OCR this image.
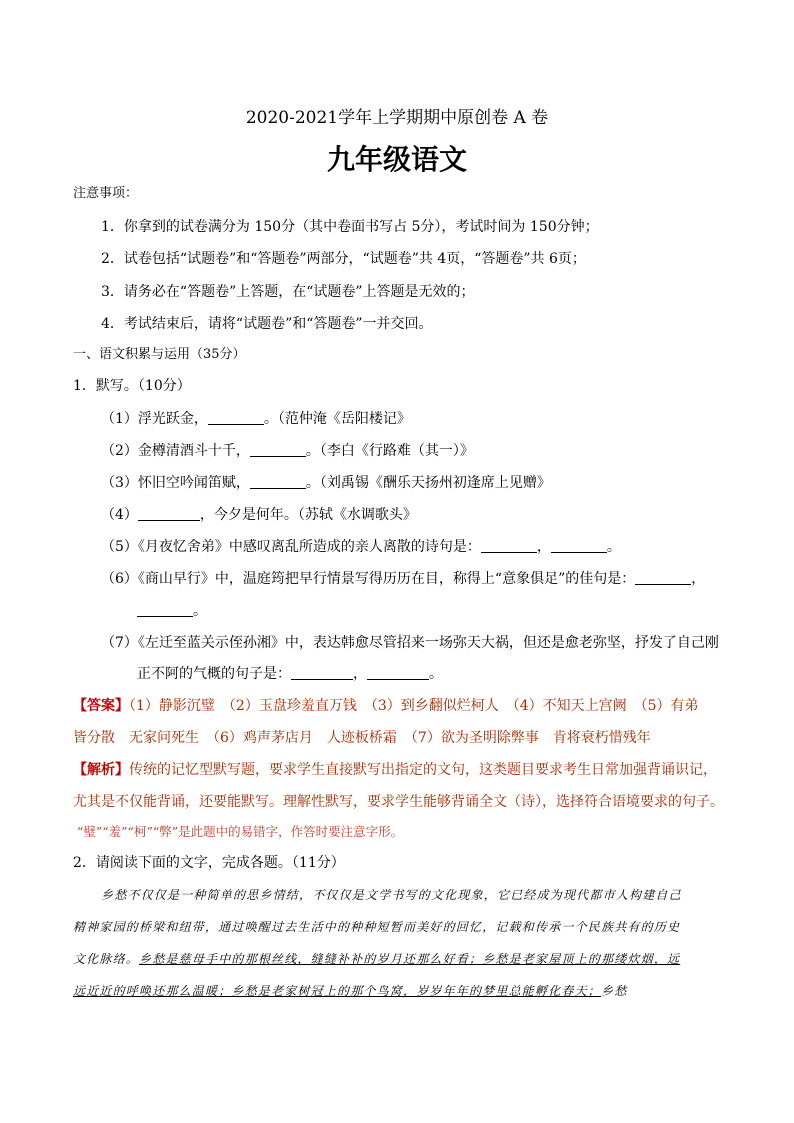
2020-2021学年上学期期中原创卷 A 卷
九年级语文
注意事项：
1．你拿到的试卷满分为 150分（其中卷面书写占 5分），考试时间为 150分钟；
2．试卷包括“试题卷”和“答题卷”两部分，“试题卷”共 4页，“答题卷”共 6页；
3．请务必在“答题卷”上答题，在“试题卷”上答题是无效的；
4．考试结束后，请将“试题卷”和“答题卷”一并交回。
一、语文积累与运用（35分）
1．默写。（10分）
（1）浮光跃金，	。（范仲淹《岳阳楼记》
（2）金樽清酒斗十千，	。（李白《行路难（其一）》
（3）怀旧空吟闻笛赋，	。（刘禹锡《酬乐天扬州初逢席上见赠》
（4）	，今夕是何年。（苏轼《水调歌头》
（5）《月夜忆舍弟》中感叹离乱所造成的亲人离散的诗句是：	，	。
（6）《商山早行》中，温庭筠把早行情景写得历历在目，称得上“意象俱足”的佳句是：	，
。
（7）《左迁至蓝关示侄孙湘》中，表达韩愈尽管招来一场弥天大祸，但还是愈老弥坚，抒发了自己刚
正不阿的气概的句子是：	，	。
【答案】（1）静影沉璧　（2）玉盘珍羞直万钱　（3）到乡翻似烂柯人　（4）不知天上宫阙　（5）有弟
皆分散　无家问死生　（6）鸡声茅店月　人迹板桥霜　（7）欲为圣明除弊事　肯将衰朽惜残年
【解析】传统的记忆型默写题，要求学生直接默写出指定的文句，这类题目要求考生日常加强背诵识记，
尤其是不仅能背诵，还要能默写。理解性默写，要求学生能够背诵全文（诗），选择符合语境要求的句子。
“璧”“羞”“柯”“弊”是此题中的易错字，作答时要注意字形。
2．请阅读下面的文字，完成各题。（11分）
乡愁不仅仅是一种简单的思乡情结，不仅仅是文学书写的文化现象，它已经成为现代都市人构建自己
精神家园的桥梁和纽带，通过唤醒过去生活中的种种短暂而美好的回忆，记载和传承一个民族共有的历史
文化脉络。乡愁是慈母手中的那根丝线，缝缝补补的岁月还那么好看；乡愁是老家屋顶上的那缕炊烟，远
远近近的呼唤还那么温暖；乡愁是老家树冠上的那个鸟窝，岁岁年年的梦里总能孵化春天；乡愁
